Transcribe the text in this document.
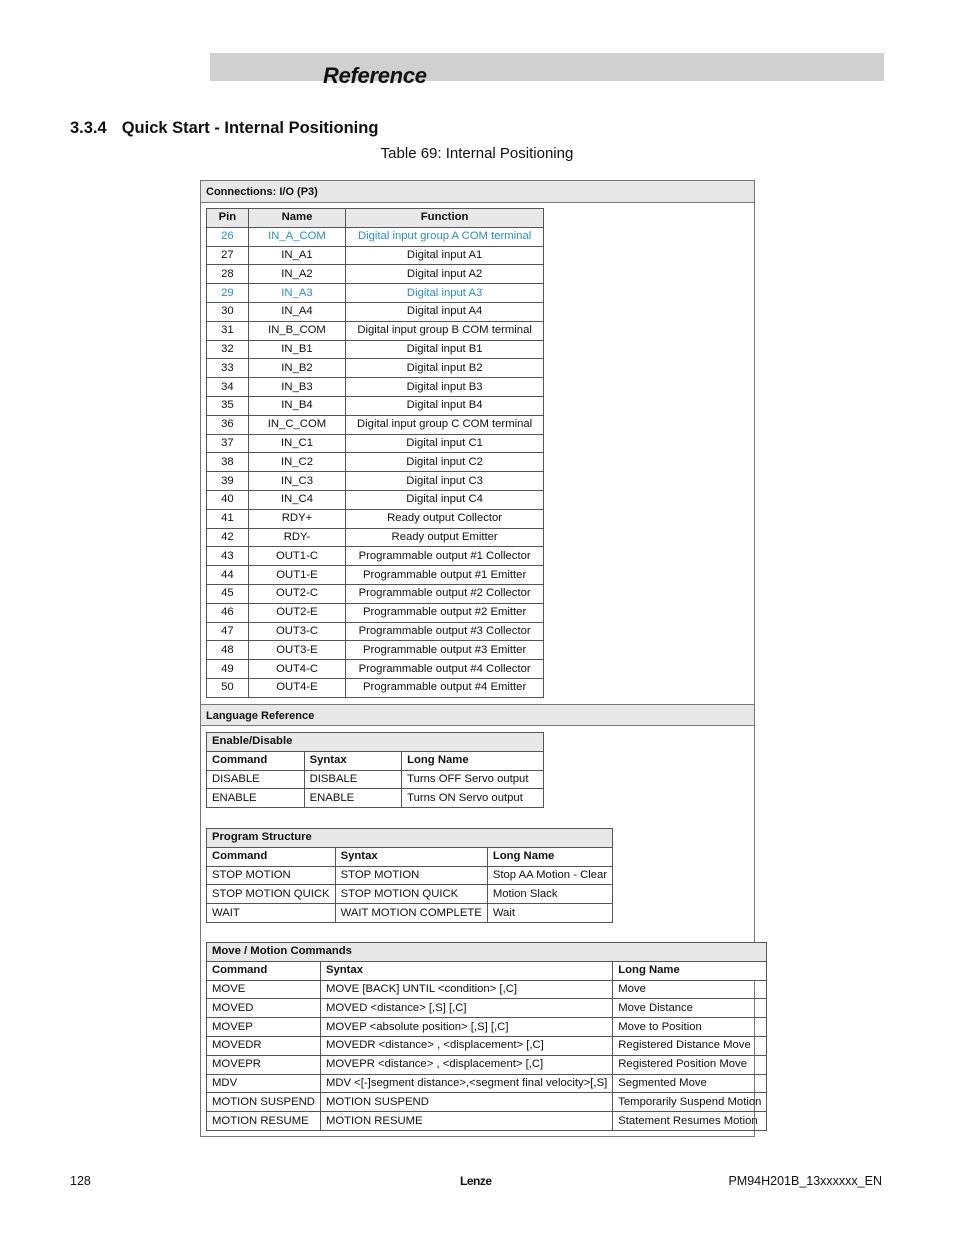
Reference
3.3.4 Quick Start - Internal Positioning
Table 69: Internal Positioning
Connections: I/O (P3)
Pin	Name	Function
26	IN_A_COM	Digital input group A COM terminal
27	IN_A1	Digital input A1
28	IN_A2	Digital input A2
29	IN_A3	Digital input A3
30	IN_A4	Digital input A4
31	IN_B_COM	Digital input group B COM terminal
32	IN_B1	Digital input B1
33	IN_B2	Digital input B2
34	IN_B3	Digital input B3
35	IN_B4	Digital input B4
36	IN_C_COM	Digital input group C COM terminal
37	IN_C1	Digital input C1
38	IN_C2	Digital input C2
39	IN_C3	Digital input C3
40	IN_C4	Digital input C4
41	RDY+	Ready output Collector
42	RDY-	Ready output Emitter
43	OUT1-C	Programmable output #1 Collector
44	OUT1-E	Programmable output #1 Emitter
45	OUT2-C	Programmable output #2 Collector
46	OUT2-E	Programmable output #2 Emitter
47	OUT3-C	Programmable output #3 Collector
48	OUT3-E	Programmable output #3 Emitter
49	OUT4-C	Programmable output #4 Collector
50	OUT4-E	Programmable output #4 Emitter
Language Reference
Enable/Disable		
Command	Syntax	Long Name
DISABLE	DISBALE	Turns OFF Servo output
ENABLE	ENABLE	Turns ON Servo output
Program Structure		
Command	Syntax	Long Name
STOP MOTION	STOP MOTION	Stop AA Motion - Clear
STOP MOTION QUICK	STOP MOTION QUICK	Motion Slack
WAIT	WAIT MOTION COMPLETE	Wait
Move / Motion Commands		
Command	Syntax	Long Name
MOVE	MOVE [BACK] UNTIL <condition> [,C]	Move
MOVED	MOVED <distance> [,S] [,C]	Move Distance
MOVEP	MOVEP <absolute position> [,S] [,C]	Move to Position
MOVEDR	MOVEDR <distance> , <displacement> [,C]	Registered Distance Move
MOVEPR	MOVEPR <distance> , <displacement> [,C]	Registered Position Move
MDV	MDV <[-]segment distance>,<segment final velocity>[,S]	Segmented Move
MOTION SUSPEND	MOTION SUSPEND	Temporarily Suspend Motion
MOTION RESUME	MOTION RESUME	Statement Resumes Motion
128	Lenze	PM94H201B_13xxxxxx_EN
